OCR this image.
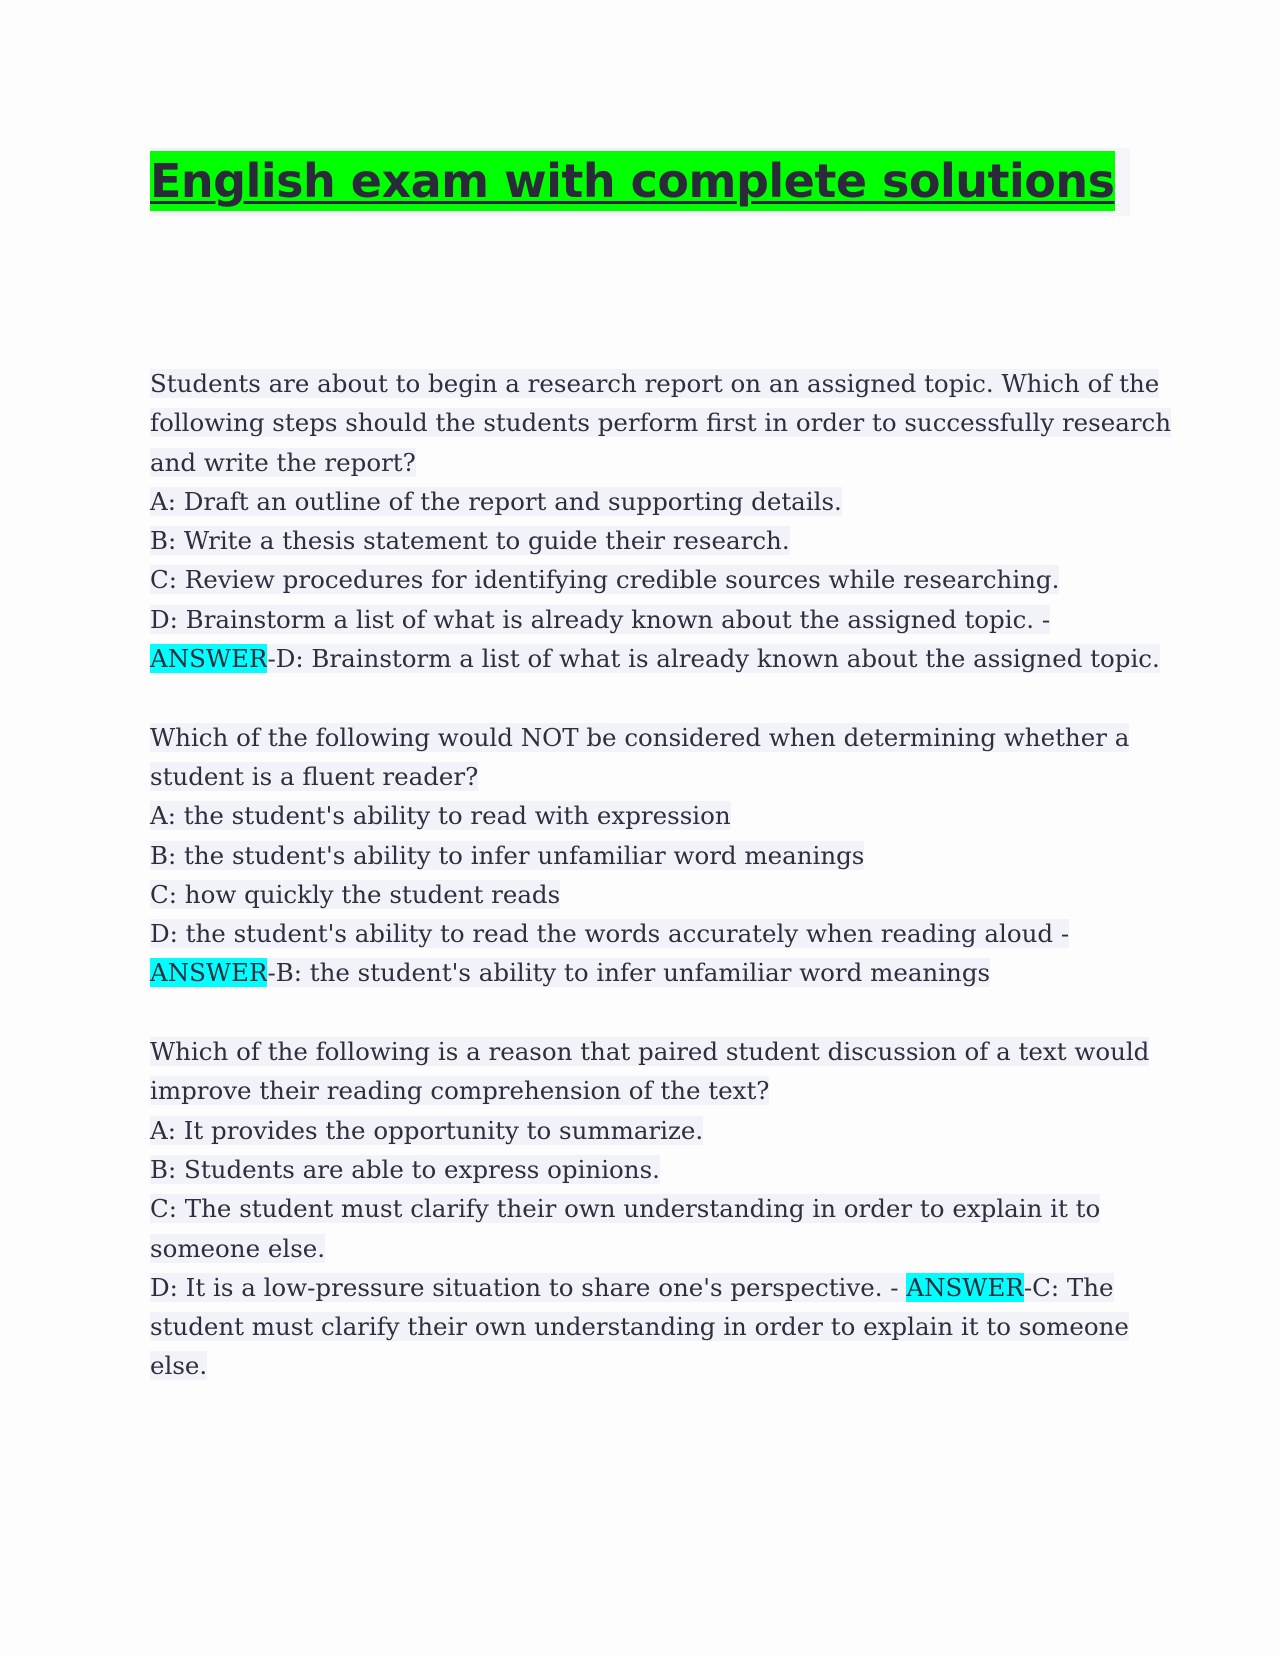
English exam with complete solutions
Students are about to begin a research report on an assigned topic. Which of the
following steps should the students perform first in order to successfully research
and write the report?
A: Draft an outline of the report and supporting details.
B: Write a thesis statement to guide their research.
C: Review procedures for identifying credible sources while researching.
D: Brainstorm a list of what is already known about the assigned topic. -
ANSWER-D: Brainstorm a list of what is already known about the assigned topic.
Which of the following would NOT be considered when determining whether a
student is a fluent reader?
A: the student's ability to read with expression
B: the student's ability to infer unfamiliar word meanings
C: how quickly the student reads
D: the student's ability to read the words accurately when reading aloud -
ANSWER-B: the student's ability to infer unfamiliar word meanings
Which of the following is a reason that paired student discussion of a text would
improve their reading comprehension of the text?
A: It provides the opportunity to summarize.
B: Students are able to express opinions.
C: The student must clarify their own understanding in order to explain it to
someone else.
D: It is a low-pressure situation to share one's perspective. - ANSWER-C: The
student must clarify their own understanding in order to explain it to someone
else.
